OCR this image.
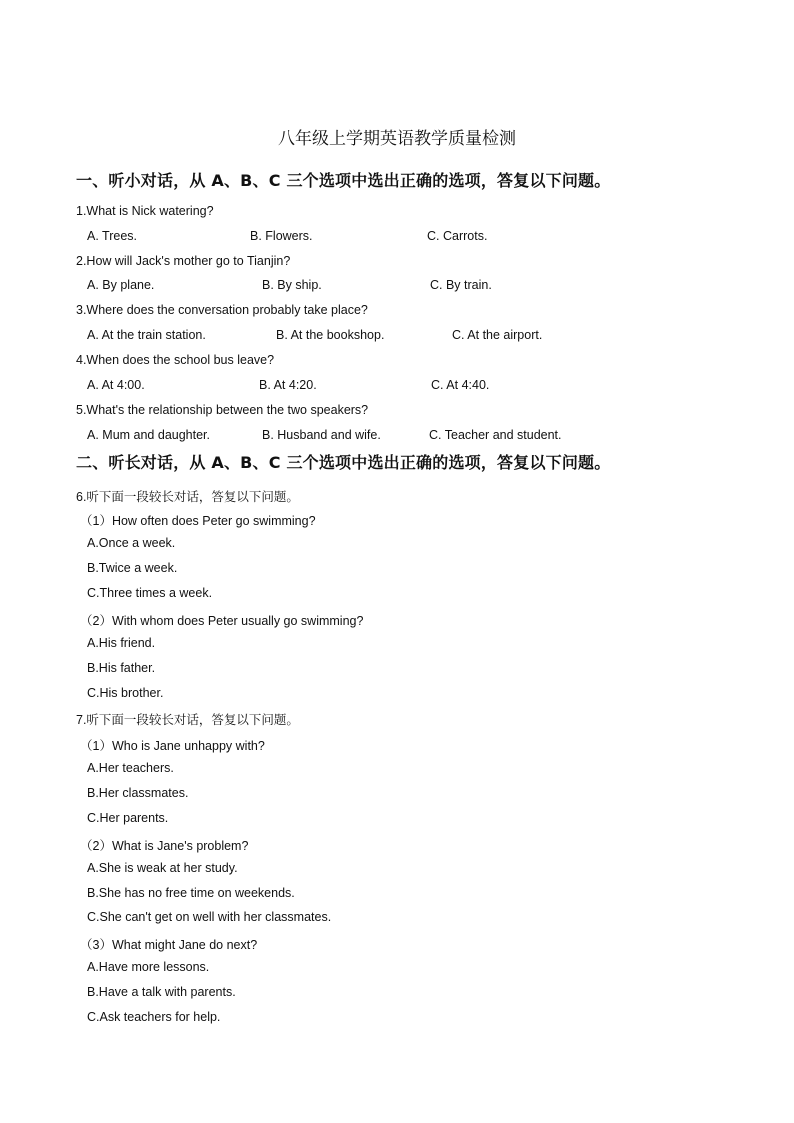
八年级上学期英语教学质量检测
一、听小对话，从 A、B、C 三个选项中选出正确的选项，答复以下问题。
1.What is Nick watering?
A. Trees.	B. Flowers.	C. Carrots.
2.How will Jack's mother go to Tianjin?
A. By plane.	B. By ship.	C. By train.
3.Where does the conversation probably take place?
A. At the train station.	B. At the bookshop.	C. At the airport.
4.When does the school bus leave?
A. At 4:00.	B. At 4:20.	C. At 4:40.
5.What's the relationship between the two speakers?
A. Mum and daughter.	B. Husband and wife.	C. Teacher and student.
二、听长对话，从 A、B、C 三个选项中选出正确的选项，答复以下问题。
6.听下面一段较长对话，答复以下问题。
（1）How often does Peter go swimming?
A.Once a week.
B.Twice a week.
C.Three times a week.
（2）With whom does Peter usually go swimming?
A.His friend.
B.His father.
C.His brother.
7.听下面一段较长对话，答复以下问题。
（1）Who is Jane unhappy with?
A.Her teachers.
B.Her classmates.
C.Her parents.
（2）What is Jane's problem?
A.She is weak at her study.
B.She has no free time on weekends.
C.She can't get on well with her classmates.
（3）What might Jane do next?
A.Have more lessons.
B.Have a talk with parents.
C.Ask teachers for help.
